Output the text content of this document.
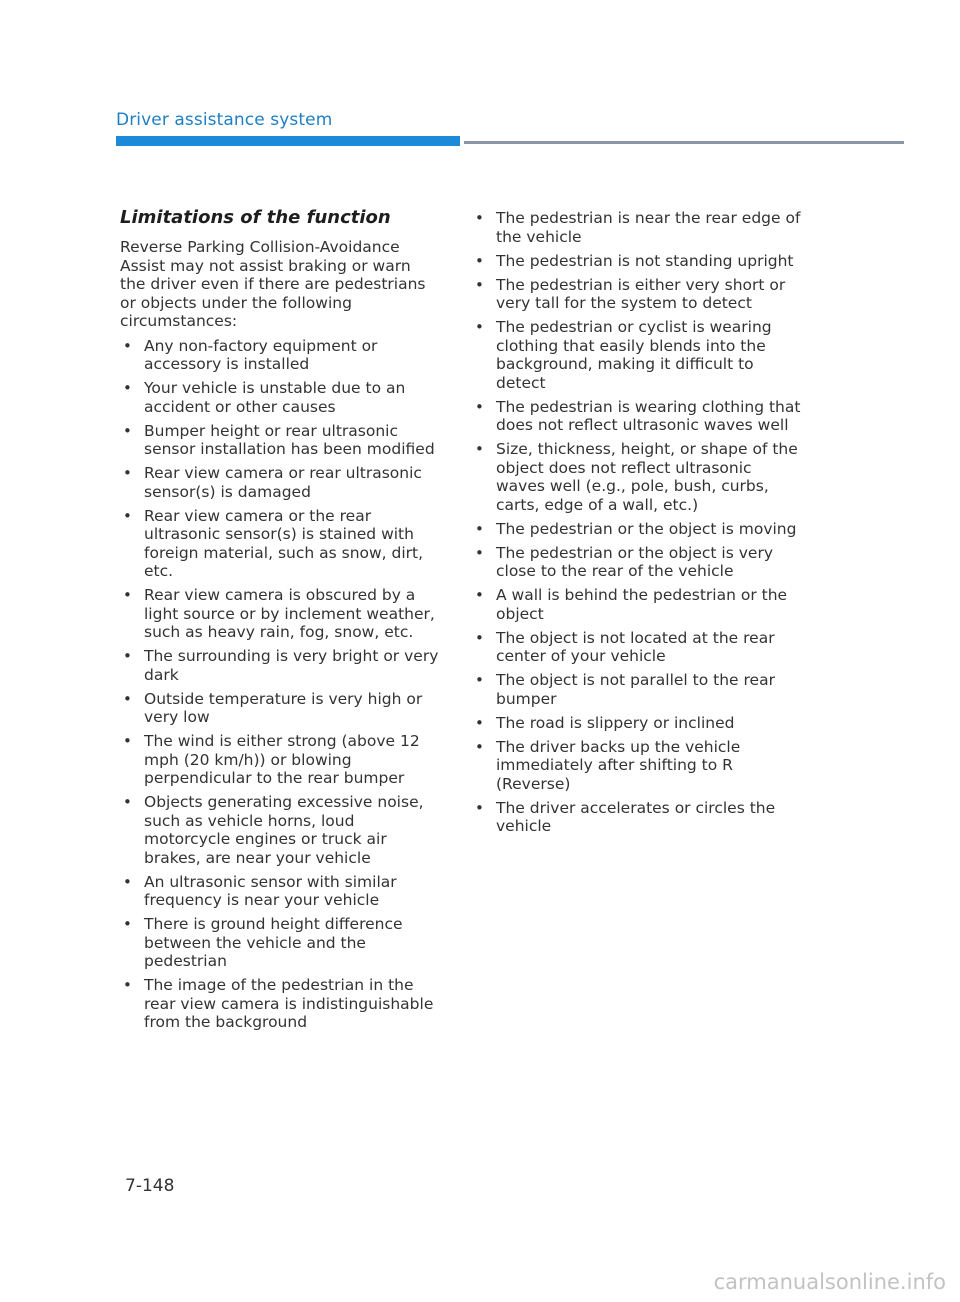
Driver assistance system
Limitations of the function

Reverse Parking Collision-Avoidance Assist may not assist braking or warn the driver even if there are pedestrians or objects under the following circumstances:

• Any non-factory equipment or accessory is installed
• Your vehicle is unstable due to an accident or other causes
• Bumper height or rear ultrasonic sensor installation has been modified
• Rear view camera or rear ultrasonic sensor(s) is damaged
• Rear view camera or the rear ultrasonic sensor(s) is stained with foreign material, such as snow, dirt, etc.
• Rear view camera is obscured by a light source or by inclement weather, such as heavy rain, fog, snow, etc.
• The surrounding is very bright or very dark
• Outside temperature is very high or very low
• The wind is either strong (above 12 mph (20 km/h)) or blowing perpendicular to the rear bumper
• Objects generating excessive noise, such as vehicle horns, loud motorcycle engines or truck air brakes, are near your vehicle
• An ultrasonic sensor with similar frequency is near your vehicle
• There is ground height difference between the vehicle and the pedestrian
• The image of the pedestrian in the rear view camera is indistinguishable from the background
• The pedestrian is near the rear edge of the vehicle
• The pedestrian is not standing upright
• The pedestrian is either very short or very tall for the system to detect
• The pedestrian or cyclist is wearing clothing that easily blends into the background, making it difficult to detect
• The pedestrian is wearing clothing that does not reflect ultrasonic waves well
• Size, thickness, height, or shape of the object does not reflect ultrasonic waves well (e.g., pole, bush, curbs, carts, edge of a wall, etc.)
• The pedestrian or the object is moving
• The pedestrian or the object is very close to the rear of the vehicle
• A wall is behind the pedestrian or the object
• The object is not located at the rear center of your vehicle
• The object is not parallel to the rear bumper
• The road is slippery or inclined
• The driver backs up the vehicle immediately after shifting to R (Reverse)
• The driver accelerates or circles the vehicle
7-148
carmanualsonline.info
